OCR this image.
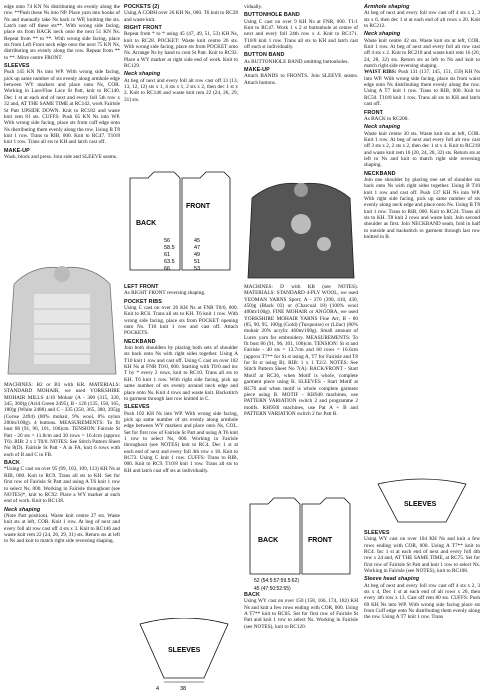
edge onto 74 KN Ns distributing sts evenly along the row. **Push these Ns into NP. Place yarn into hooks of Ns and manually take Ns back to WP, knitting the sts. Latch cast off these sts**. With wrong side facing, place sts from BACK neck onto the next 51 KN Ns. Repeat from ** to **. With wrong side facing, place sts from Left Front neck edge onto the next 75 KN Ns, distributing sts evenly along the row. Repeat from ** to **. Mitre centre FRONT.

SLEEVES

Push 145 KN Ns into WP. With wrong side facing, pick up same number of sts evenly along armhole edge between WY markers and place onto Ns, COR. Working in Lace/Fine Lace St Patt, knit to RC140. Dec 1 st at each end of next and every foll 5th row x 32 and, AT THE SAME TIME at RC142, work Fairisle St Patt UPSIDE DOWN. Knit to RC182 and waste knit rem 81 sts. CUFFS: Push 65 KN Ns into WP. With wrong side facing, place sts from cuff edge onto Ns distributing them evenly along the row. Using B T8 knit 1 row. Trans to RIB, 000. Knit to RC47. T10/8 knit 1 row. Trans all sts to KH and latch cast off.

MAKE-UP

Wash, block and press. Join side and SLEEVE seams.

MACHINES: B2 or B3 with KR. MATERIALS: STANDARD MOHAIR, we used YORKSHIRE MOHAIR MILLS 4/10 Mohair (A - 300 (315, 330, 345, 360)g (Acid Green 2495), B - 120 (135, 150, 165, 180)g (White 2488) and C - 335 (350, 365, 380, 395)g (Cerise 2494) (80% mohair, 9% wool, 8% nylon 200m/100g). 4 buttons. MEASUREMENTS: To fit bust 86 (91, 96, 101, 106)cm. TENSION: Fairisle St Patt - 20 sts = 11.8cm and 30 rows = 16.4cm (approx T6). RIB: 2 x 1 T0/0. NOTES: See Stitch Pattern Sheet No 8(D). Fairisle St Patt - A in FA, knit 6 rows with each of B and C in FB.

BACK

*Using C cast on over 95 (99, 103, 109, 113) KH Ns at RIB, 000. Knit to RC9. Trans all sts to KH. Set for first row of Fairisle St Patt and using A T6 knit 1 row to select Ns, 000. Working in Fairisle throughout (see NOTES)*, knit to RC92. Place a WY marker at each end of work. Knit to RC138.

Neck shaping

(Note Patt position). Waste knit centre 27 sts. Waste knit sts at left, COR. Knit 1 row. At beg of next and every foll alt row cast off 4 sts x 3. Knit to RC146 and waste knit rem 22 (24, 26, 29, 31) sts. Return sts at left to Ns and knit to match right side reversing shaping.

POCKETS (2)

Using A COBH over 26 KH Ns, 000. T6 knit to RC28 and waste knit.

RIGHT FRONT

Repeat from * to * using 45 (47, 49, 51, 53) KH Ns, knit to RC28. POCKET: Waste knit centre 26 sts. With wrong side facing, place sts from POCKET onto Ns. Arrange Ns by hand to cont St Patt. Knit to RC92. Place a WY marker at right side end of work. Knit to RC129.

Neck shaping

At beg of next and every foll alt row cast off 13 (13, 13, 12, 12) sts x 1, 4 sts x 1, 2 sts x 2, then dec 1 st x 2. Knit to RC146 and waste knit rem 22 (24, 26, 29, 31) sts.

BACK
FRONT
56
58.5
61
63.5
66
45
47
49
51
53
LEFT FRONT

As RIGHT FRONT reversing shaping.

POCKET RIBS

Using C cast on over 26 KH Ns at FNR T0/0, 000. Knit to RC6. Trans all sts to KH. T6 knit 1 row. With wrong side facing, place sts from POCKET opening onto Ns. T10 knit 1 row and cast off. Attach POCKETS.

NECKBAND

Join both shoulders by placing both sets of shoulder sts back onto Ns with right sides together. Using A T10 knit 1 row and cast off. Using C cast on over 102 KH Ns at FNR T0/0, 000. Starting with T0/0 and inc T by * every 2 rows, knit to RC10. Trans all sts to KH. T6 knit 1 row. With right side facing, pick up same number of sts evenly around neck edge and place onto Ns. Knit 4 rows and waste knit. Backstitch to garment through last row knitted in C.

SLEEVES

Push 102 KH Ns into WP. With wrong side facing, pick up same number of sts evenly along armhole edge between WY markers and place onto Ns, COL. Set for first row of Fairisle St Patt and using A T6 knit 1 row to select Ns, 000. Working in Fairisle throughout (see NOTES) knit to RC4. Dec 1 st at each end of next and every foll 4th row x 18. Knit to RC73. Using C knit 1 row. CUFFS: Trans to RIB, 000. Knit to RC9. T10/8 knit 1 row. Trans all sts to KH and latch cast off sts at individually.

SLEEVES
4	38

vidually.

BUTTONHOLE BAND

Using C cast on over 9 KH Ns at FNR, 000. T1/1 Knit to RC47. Work 1 x 2 st buttonhole at centre of next and every foll 24th row x 4. Knit to RC171. T10/8 knit 1 row. Trans all sts to KH and latch cast off each st individually.

BUTTON BAND

As BUTTONHOLE BAND omitting buttonholes.

MAKE-UP

Attach BANDS to FRONTS. Join SLEEVE seams. Attach buttons.

MACHINES: D with KR (see NOTES). MATERIALS: STANDARD 4-PLY WOOL, we used YEOMAN YARNS Sport; A - 370 (390, 410, 430, 450)g (Black 03) or (Charcoal 18) (100% wool 400m/100g). FINE MOHAIR or ANGORA, we used YORKSHIRE MOHAIR YARNS Fine Art; B - 80 (85, 90, 95, 100)g (Gold) (Turquoise) or (Lilac) (80% mohair 20% acrylic 460m/100g). Small amount of Lurex yarn for embroidery. MEASUREMENTS: To fit bust 86 (91, 96, 101, 106)cm. TENSION: St st and Fairisle - 40 sts = 13.7cm and 60 rows = 16.6cm (approx T7** for St st using A, T7 for Fairisle and T8 for St st using B). RIB: 1 x 1 T2/2. NOTES: See Stitch Pattern Sheet No 7(A). BACK/FRONT - Start Motif at RC36, when Motif is whole, complete garment piece using B. SLEEVES - Start Motif at RC76 and when motif is whole complete garment piece using B. MOTIF - KH940 machines, use PATTERN VARIATION switch 2 and programme 2 motifs. KH950i machines, use Pat A + B and PATTERN VARIATION switch 2 for Patt B.

BACK	FRONT
52 (54.5:57:59.5:62)
45 (47:50:52:55)
BACK

Using WY cast on over 150 (158, 166, 174, 182) KH Ns and knit a few rows ending with COR, 000. Using A T7** knit to RC85. Set for first row of Fairisle St Patt and knit 1 row to select Ns. Working in Fairisle (see NOTES), knit to RC120.

Armhole shaping

At beg of next and every foll row cast off 4 sts x 2, 3 sts x 6, then dec 1 st at each end of alt rows x 20. Knit to RC212.

Neck shaping

Waste knit centre 42 sts. Waste knit sts at left, COR. Knit 1 row. At beg of next and every foll alt row cast off 4 sts x 2. Knit to RC218 and waste knit rem 16 (20, 24, 28, 32) sts. Return sts at left to Ns and knit to match right side reversing shaping.

WAIST RIBS: Push 131 (137, 145, 151, 159) KH Ns into WP. With wrong side facing, place sts from waist edge onto Ns distributing them evenly along the row. Using A T7 knit 1 row. Trans to RIB, 000. Knit to RC50. T10/8 knit 1 row. Trans all sts to KH and latch cast off.

FRONT

As BACK to RC200.

Neck shaping

Waste knit centre 30 sts. Waste knit sts at left, COR. Knit 1 row. At beg of next and every foll alt row cast off 3 sts x 2, 2 sts x 2, then dec 1 st x 4. Knit to RC218 and waste knit rem 16 (20, 24, 28, 32) sts. Return sts at left to Ns and knit to match right side reversing shaping.

NECKBAND

Join one shoulder by placing one set of shoulder sts back onto Ns with right sides together. Using B T10 knit 1 row and cast off. Push 137 KH Ns into WP. With right side facing, pick up same number of sts evenly along neck edge and place onto Ns. Using B T8 knit 1 row. Trans to RIB, 000. Knit to RC24. Trans all sts to KH. T8 knit 2 rows and waste knit. Join second shoulder as first. Join NECKBAND seam, fold in half to outside and backstitch to garment through last row knitted in B.

SLEEVES
SLEEVES

Using WY cast on over 104 KH Ns and knit a few rows ending with COR, 000. Using A T7** knit to RC4. Inc 1 st at each end of next and every foll 4th row x 24 and, AT THE SAME TIME, at RC75. Set for first row of Fairisle St Patt and knit 1 row to select Ns. Working in Fairisle (see NOTES), knit to RC108.

Sleeve head shaping

At beg of next and every foll row cast off 4 sts x 2, 3 sts x 4, Dec 1 st at each end of alt rows x 20, then every 4th row x 13. Cast off rem 80 sts. CUFFS: Push 69 KH Ns into WP. With wrong side facing place sts from Cuff edge onto Ns distributing them evenly along the row. Using A T7 knit 1 row. Trans
